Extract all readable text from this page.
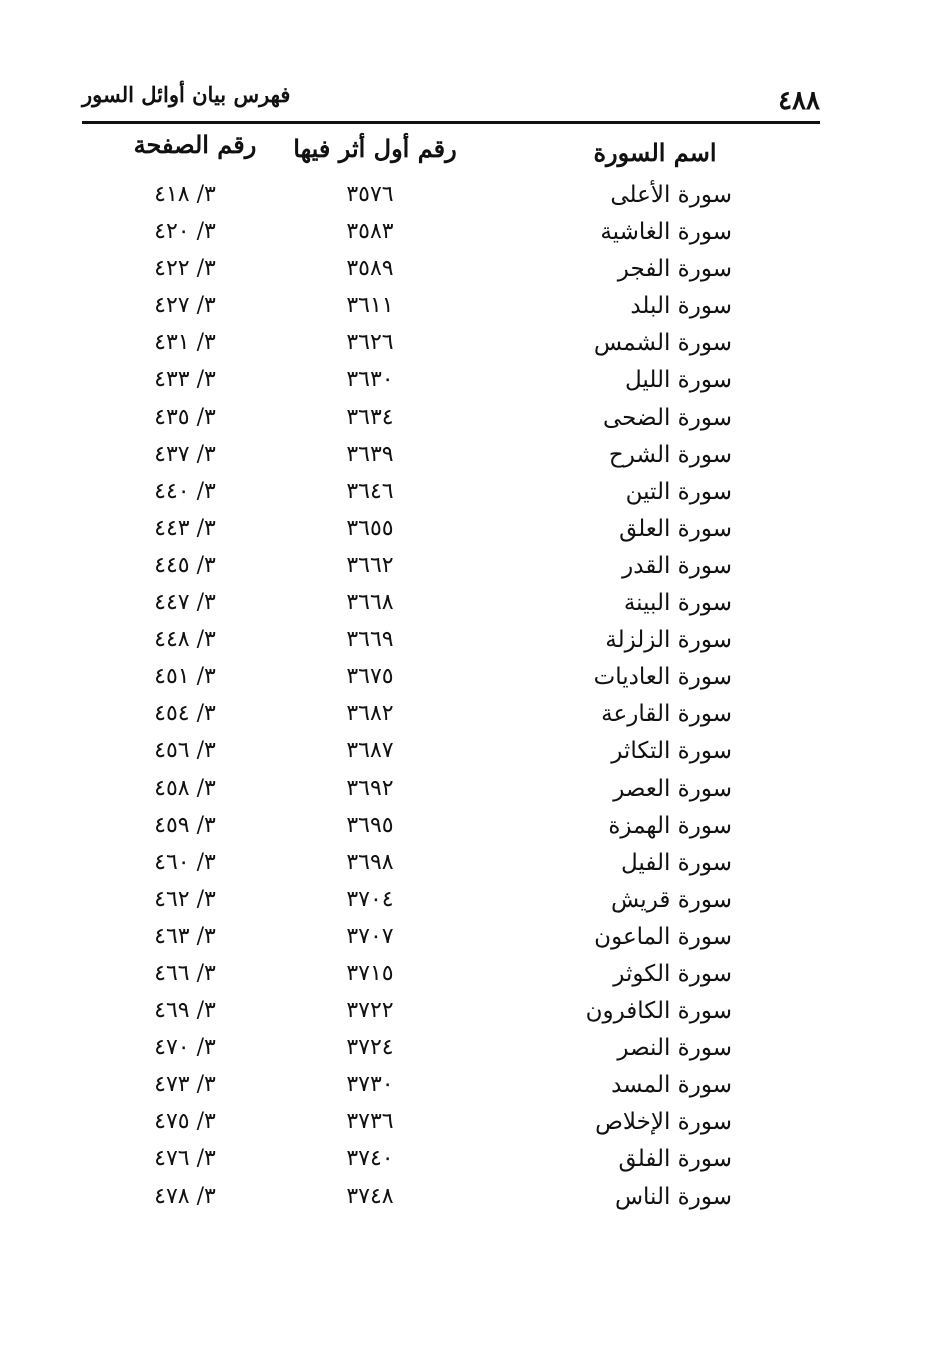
٤٨٨
فهرس بيان أوائل السور
اسم السورة
رقم أول أثر فيها
رقم الصفحة
سورة الأعلى
٣٥٧٦
٣/ ٤١٨
سورة الغاشية
٣٥٨٣
٣/ ٤٢٠
سورة الفجر
٣٥٨٩
٣/ ٤٢٢
سورة البلد
٣٦١١
٣/ ٤٢٧
سورة الشمس
٣٦٢٦
٣/ ٤٣١
سورة الليل
٣٦٣٠
٣/ ٤٣٣
سورة الضحى
٣٦٣٤
٣/ ٤٣٥
سورة الشرح
٣٦٣٩
٣/ ٤٣٧
سورة التين
٣٦٤٦
٣/ ٤٤٠
سورة العلق
٣٦٥٥
٣/ ٤٤٣
سورة القدر
٣٦٦٢
٣/ ٤٤٥
سورة البينة
٣٦٦٨
٣/ ٤٤٧
سورة الزلزلة
٣٦٦٩
٣/ ٤٤٨
سورة العاديات
٣٦٧٥
٣/ ٤٥١
سورة القارعة
٣٦٨٢
٣/ ٤٥٤
سورة التكاثر
٣٦٨٧
٣/ ٤٥٦
سورة العصر
٣٦٩٢
٣/ ٤٥٨
سورة الهمزة
٣٦٩٥
٣/ ٤٥٩
سورة الفيل
٣٦٩٨
٣/ ٤٦٠
سورة قريش
٣٧٠٤
٣/ ٤٦٢
سورة الماعون
٣٧٠٧
٣/ ٤٦٣
سورة الكوثر
٣٧١٥
٣/ ٤٦٦
سورة الكافرون
٣٧٢٢
٣/ ٤٦٩
سورة النصر
٣٧٢٤
٣/ ٤٧٠
سورة المسد
٣٧٣٠
٣/ ٤٧٣
سورة الإخلاص
٣٧٣٦
٣/ ٤٧٥
سورة الفلق
٣٧٤٠
٣/ ٤٧٦
سورة الناس
٣٧٤٨
٣/ ٤٧٨
